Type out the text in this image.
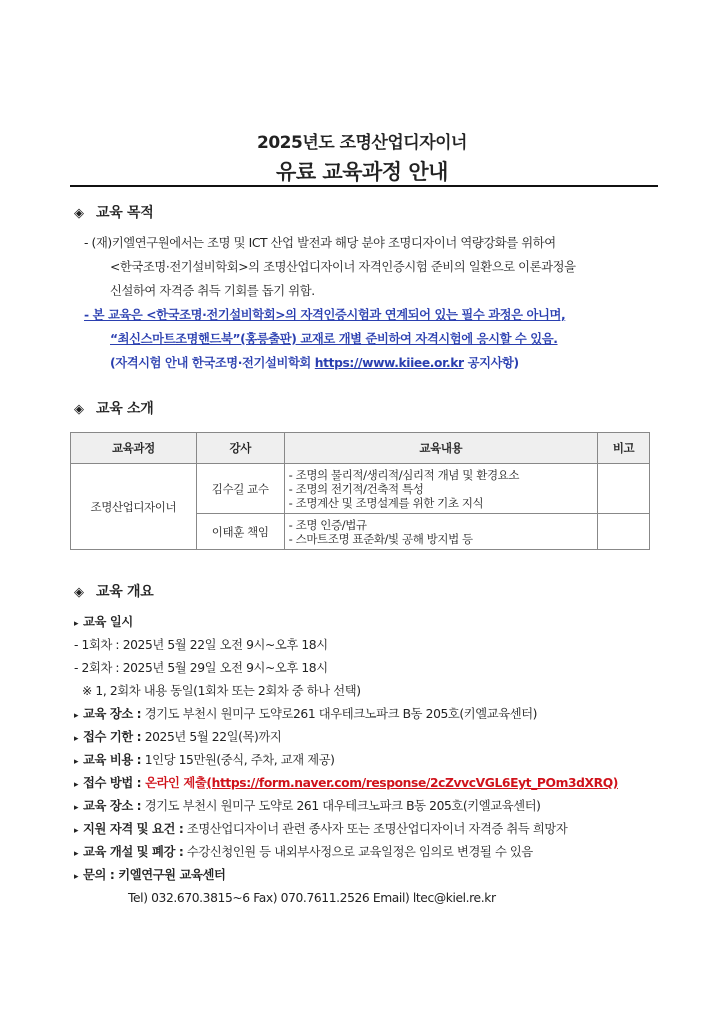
2025년도 조명산업디자이너
유료 교육과정 안내
◈ 교육 목적
- (재)키엘연구원에서는 조명 및 ICT 산업 발전과 해당 분야 조명디자이너 역량강화를 위하여
<한국조명·전기설비학회>의 조명산업디자이너 자격인증시험 준비의 일환으로 이론과정을
신설하여 자격증 취득 기회를 돕기 위함.
- 본 교육은 <한국조명·전기설비학회>의 자격인증시험과 연계되어 있는 필수 과정은 아니며,
“최신스마트조명핸드북”(홍릉출판) 교재로 개별 준비하여 자격시험에 응시할 수 있음.
(자격시험 안내 한국조명·전기설비학회 https://www.kiiee.or.kr 공지사항)
◈ 교육 소개
교육과정	강사	교육내용	비고
조명산업디자이너	김수길 교수	- 조명의 물리적/생리적/심리적 개념 및 환경요소
- 조명의 전기적/건축적 특성
- 조명계산 및 조명설계를 위한 기초 지식	

	이태훈 책임	- 조명 인증/법규
- 스마트조명 표준화/빛 공해 방지법 등	

◈ 교육 개요
▸ 교육 일시
- 1회차 : 2025년 5월 22일 오전 9시~오후 18시
- 2회차 : 2025년 5월 29일 오전 9시~오후 18시
※ 1, 2회차 내용 동일(1회차 또는 2회차 중 하나 선택)
▸ 교육 장소 : 경기도 부천시 원미구 도약로261 대우테크노파크 B동 205호(키엘교육센터)
▸ 접수 기한 : 2025년 5월 22일(목)까지
▸ 교육 비용 : 1인당 15만원(중식, 주차, 교재 제공)
▸ 접수 방법 : 온라인 제출(https://form.naver.com/response/2cZvvcVGL6Eyt_POm3dXRQ)
▸ 교육 장소 : 경기도 부천시 원미구 도약로 261 대우테크노파크 B동 205호(키엘교육센터)
▸ 지원 자격 및 요건 : 조명산업디자이너 관련 종사자 또는 조명산업디자이너 자격증 취득 희망자
▸ 교육 개설 및 폐강 : 수강신청인원 등 내외부사정으로 교육일정은 임의로 변경될 수 있음
▸ 문의 : 키엘연구원 교육센터
Tel) 032.670.3815~6 Fax) 070.7611.2526 Email) ltec@kiel.re.kr
